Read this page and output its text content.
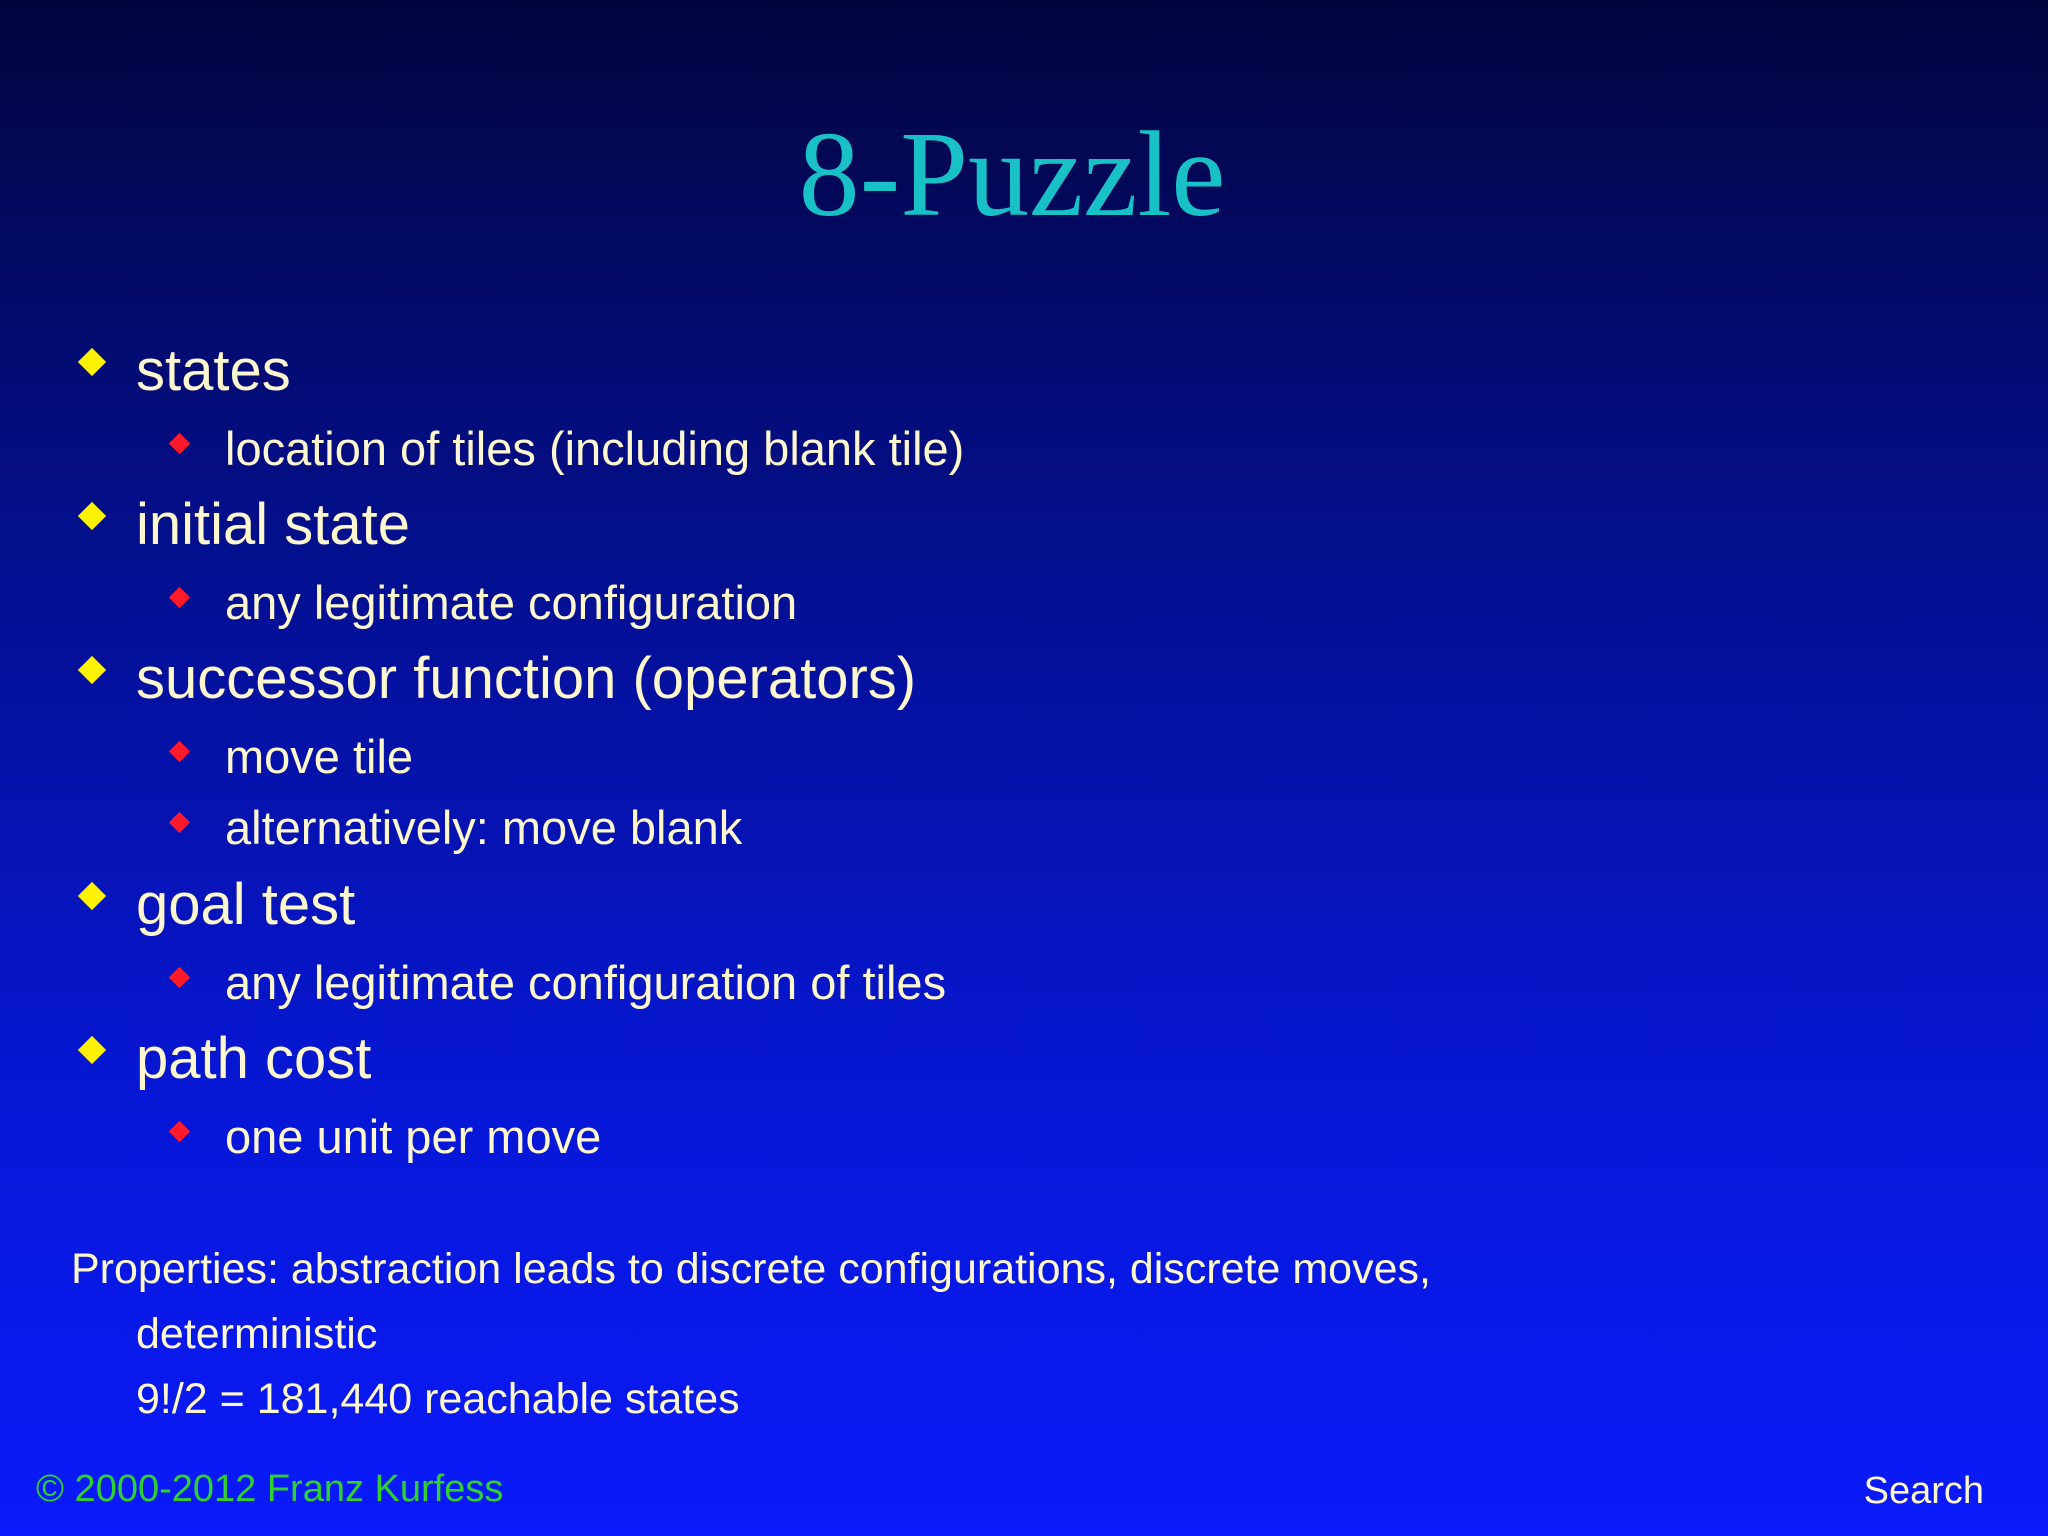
8-Puzzle
states
location of tiles (including blank tile)
initial state
any legitimate configuration
successor function (operators)
move tile
alternatively: move blank
goal test
any legitimate configuration of tiles
path cost
one unit per move
Properties: abstraction leads to discrete configurations, discrete moves,
deterministic
9!/2 = 181,440 reachable states
© 2000-2012 Franz Kurfess	Search
